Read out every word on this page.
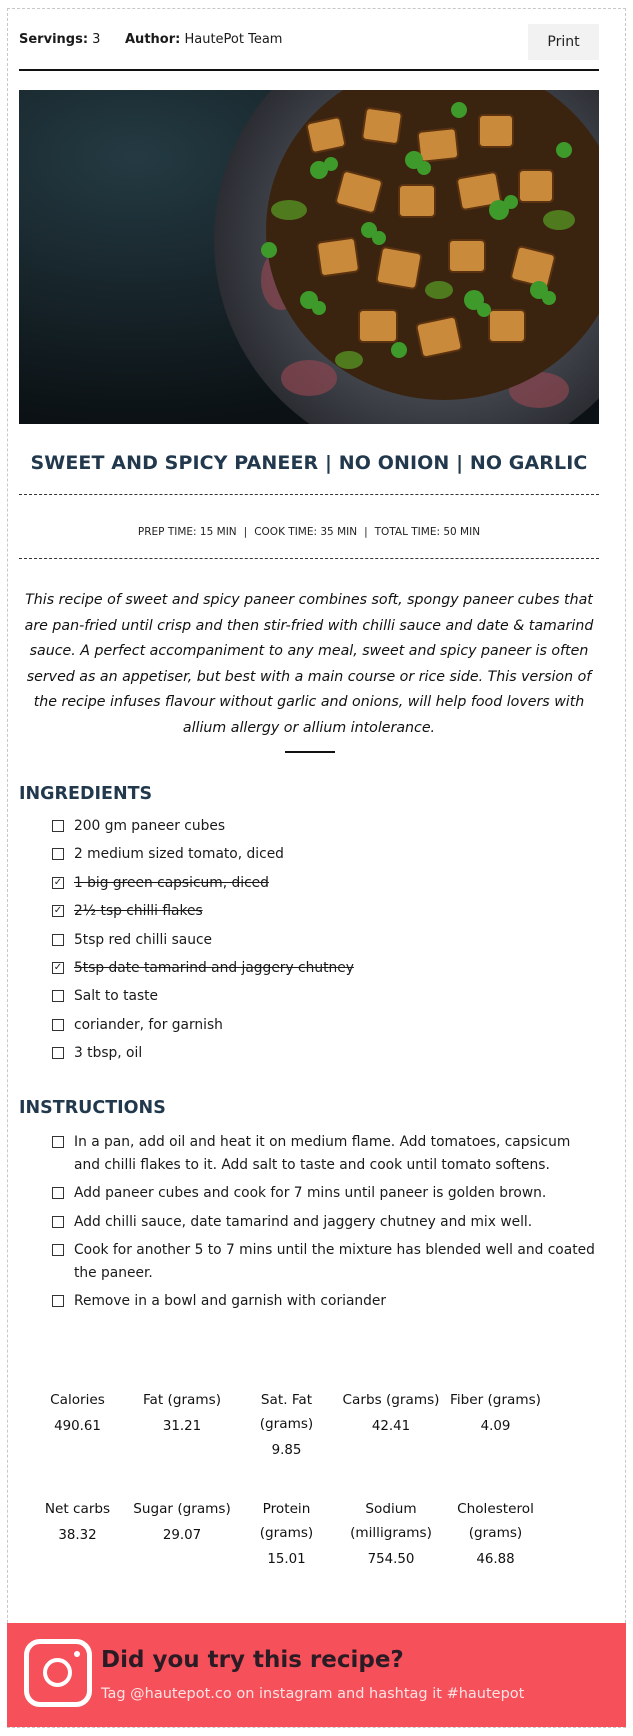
Servings: 3 Author: HautePot Team	Print
SWEET AND SPICY PANEER | NO ONION | NO GARLIC
PREP TIME: 15 MIN | COOK TIME: 35 MIN | TOTAL TIME: 50 MIN

This recipe of sweet and spicy paneer combines soft, spongy paneer cubes that are pan-fried until crisp and then stir-fried with chilli sauce and date & tamarind sauce. A perfect accompaniment to any meal, sweet and spicy paneer is often served as an appetiser, but best with a main course or rice side. This version of the recipe infuses flavour without garlic and onions, will help food lovers with allium allergy or allium intolerance.

INGREDIENTS
200 gm paneer cubes
2 medium sized tomato, diced
✓ 1 big green capsicum, diced
✓ 2½ tsp chilli flakes
5tsp red chilli sauce
✓ 5tsp date tamarind and jaggery chutney
Salt to taste
coriander, for garnish
3 tbsp, oil
INSTRUCTIONS
In a pan, add oil and heat it on medium flame. Add tomatoes, capsicum and chilli flakes to it. Add salt to taste and cook until tomato softens.
Add paneer cubes and cook for 7 mins until paneer is golden brown.
Add chilli sauce, date tamarind and jaggery chutney and mix well.
Cook for another 5 to 7 mins until the mixture has blended well and coated the paneer.
Remove in a bowl and garnish with coriander
Calories
490.61
Fat (grams)
31.21
Sat. Fat (grams)
9.85
Carbs (grams)
42.41
Fiber (grams)
4.09
Net carbs
38.32
Sugar (grams)
29.07
Protein (grams)
15.01
Sodium (milligrams)
754.50
Cholesterol (grams)
46.88
Did you try this recipe?
Tag @hautepot.co on instagram and hashtag it #hautepot
